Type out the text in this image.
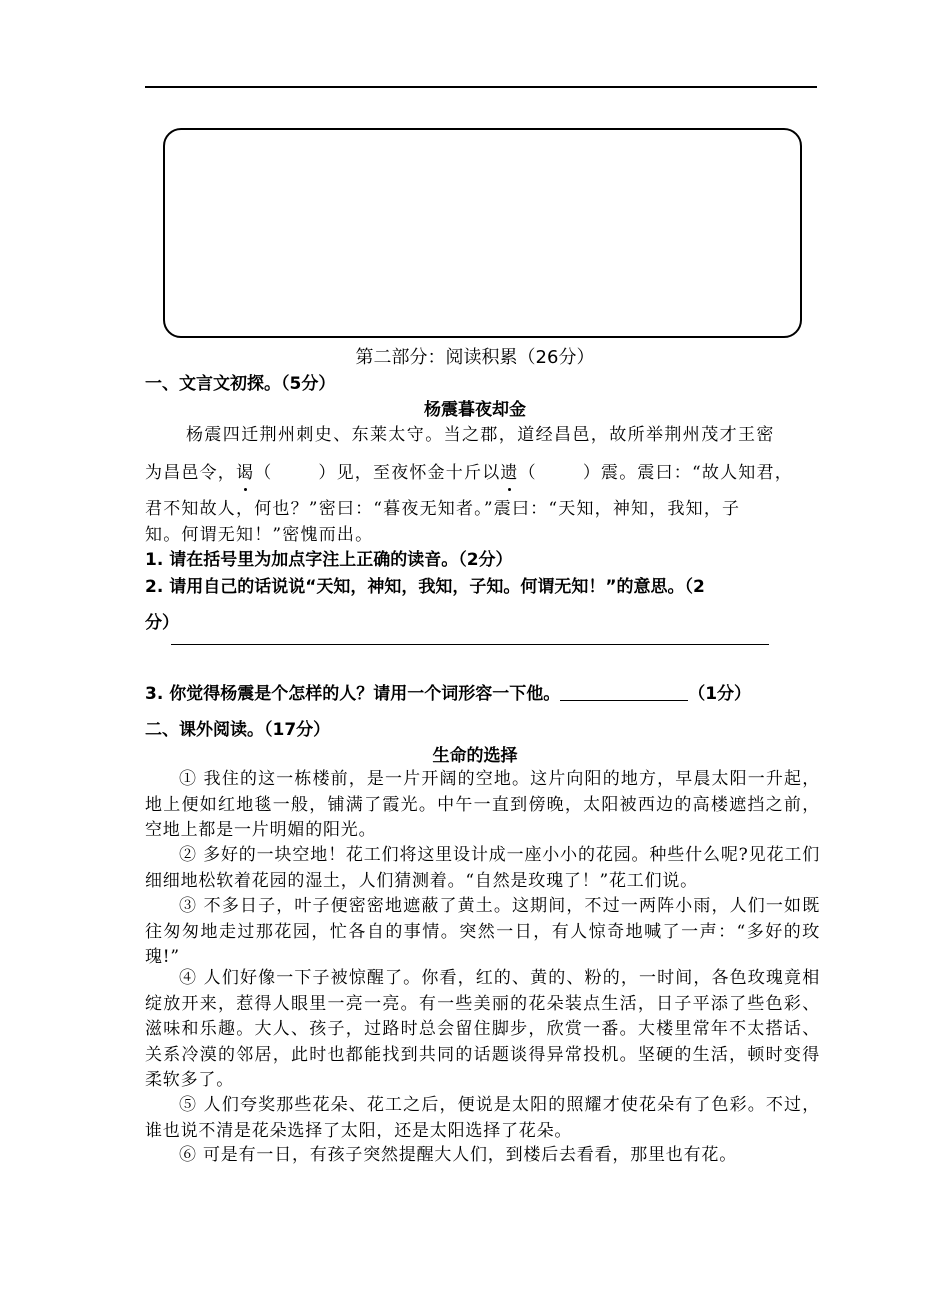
第二部分：阅读积累（26分）
一、文言文初探。（5分）
杨震暮夜却金
杨震四迁荆州刺史、东莱太守。当之郡，道经昌邑，故所举荆州茂才王密
为昌邑令，谒（	）见，至夜怀金十斤以遗（	）震。震曰：“故人知君，
君不知故人，何也？”密曰：“暮夜无知者。”震曰：“天知，神知，我知，子
知。何谓无知！”密愧而出。
1. 请在括号里为加点字注上正确的读音。（2分）
2. 请用自己的话说说“天知，神知，我知，子知。何谓无知！”的意思。（2
分）
3. 你觉得杨震是个怎样的人？请用一个词形容一下他。	（1分）
二、课外阅读。（17分）
生命的选择
① 我住的这一栋楼前，是一片开阔的空地。这片向阳的地方，早晨太阳一升起，地上便如红地毯一般，铺满了霞光。中午一直到傍晚，太阳被西边的高楼遮挡之前，空地上都是一片明媚的阳光。
② 多好的一块空地！花工们将这里设计成一座小小的花园。种些什么呢?见花工们细细地松软着花园的湿土，人们猜测着。“自然是玫瑰了！”花工们说。
③ 不多日子，叶子便密密地遮蔽了黄土。这期间，不过一两阵小雨，人们一如既往匆匆地走过那花园，忙各自的事情。突然一日，有人惊奇地喊了一声：“多好的玫瑰!”
④ 人们好像一下子被惊醒了。你看，红的、黄的、粉的，一时间，各色玫瑰竟相绽放开来，惹得人眼里一亮一亮。有一些美丽的花朵装点生活，日子平添了些色彩、滋味和乐趣。大人、孩子，过路时总会留住脚步，欣赏一番。大楼里常年不太搭话、关系冷漠的邻居，此时也都能找到共同的话题谈得异常投机。坚硬的生活，顿时变得柔软多了。
⑤ 人们夸奖那些花朵、花工之后，便说是太阳的照耀才使花朵有了色彩。不过，谁也说不清是花朵选择了太阳，还是太阳选择了花朵。
⑥ 可是有一日，有孩子突然提醒大人们，到楼后去看看，那里也有花。
